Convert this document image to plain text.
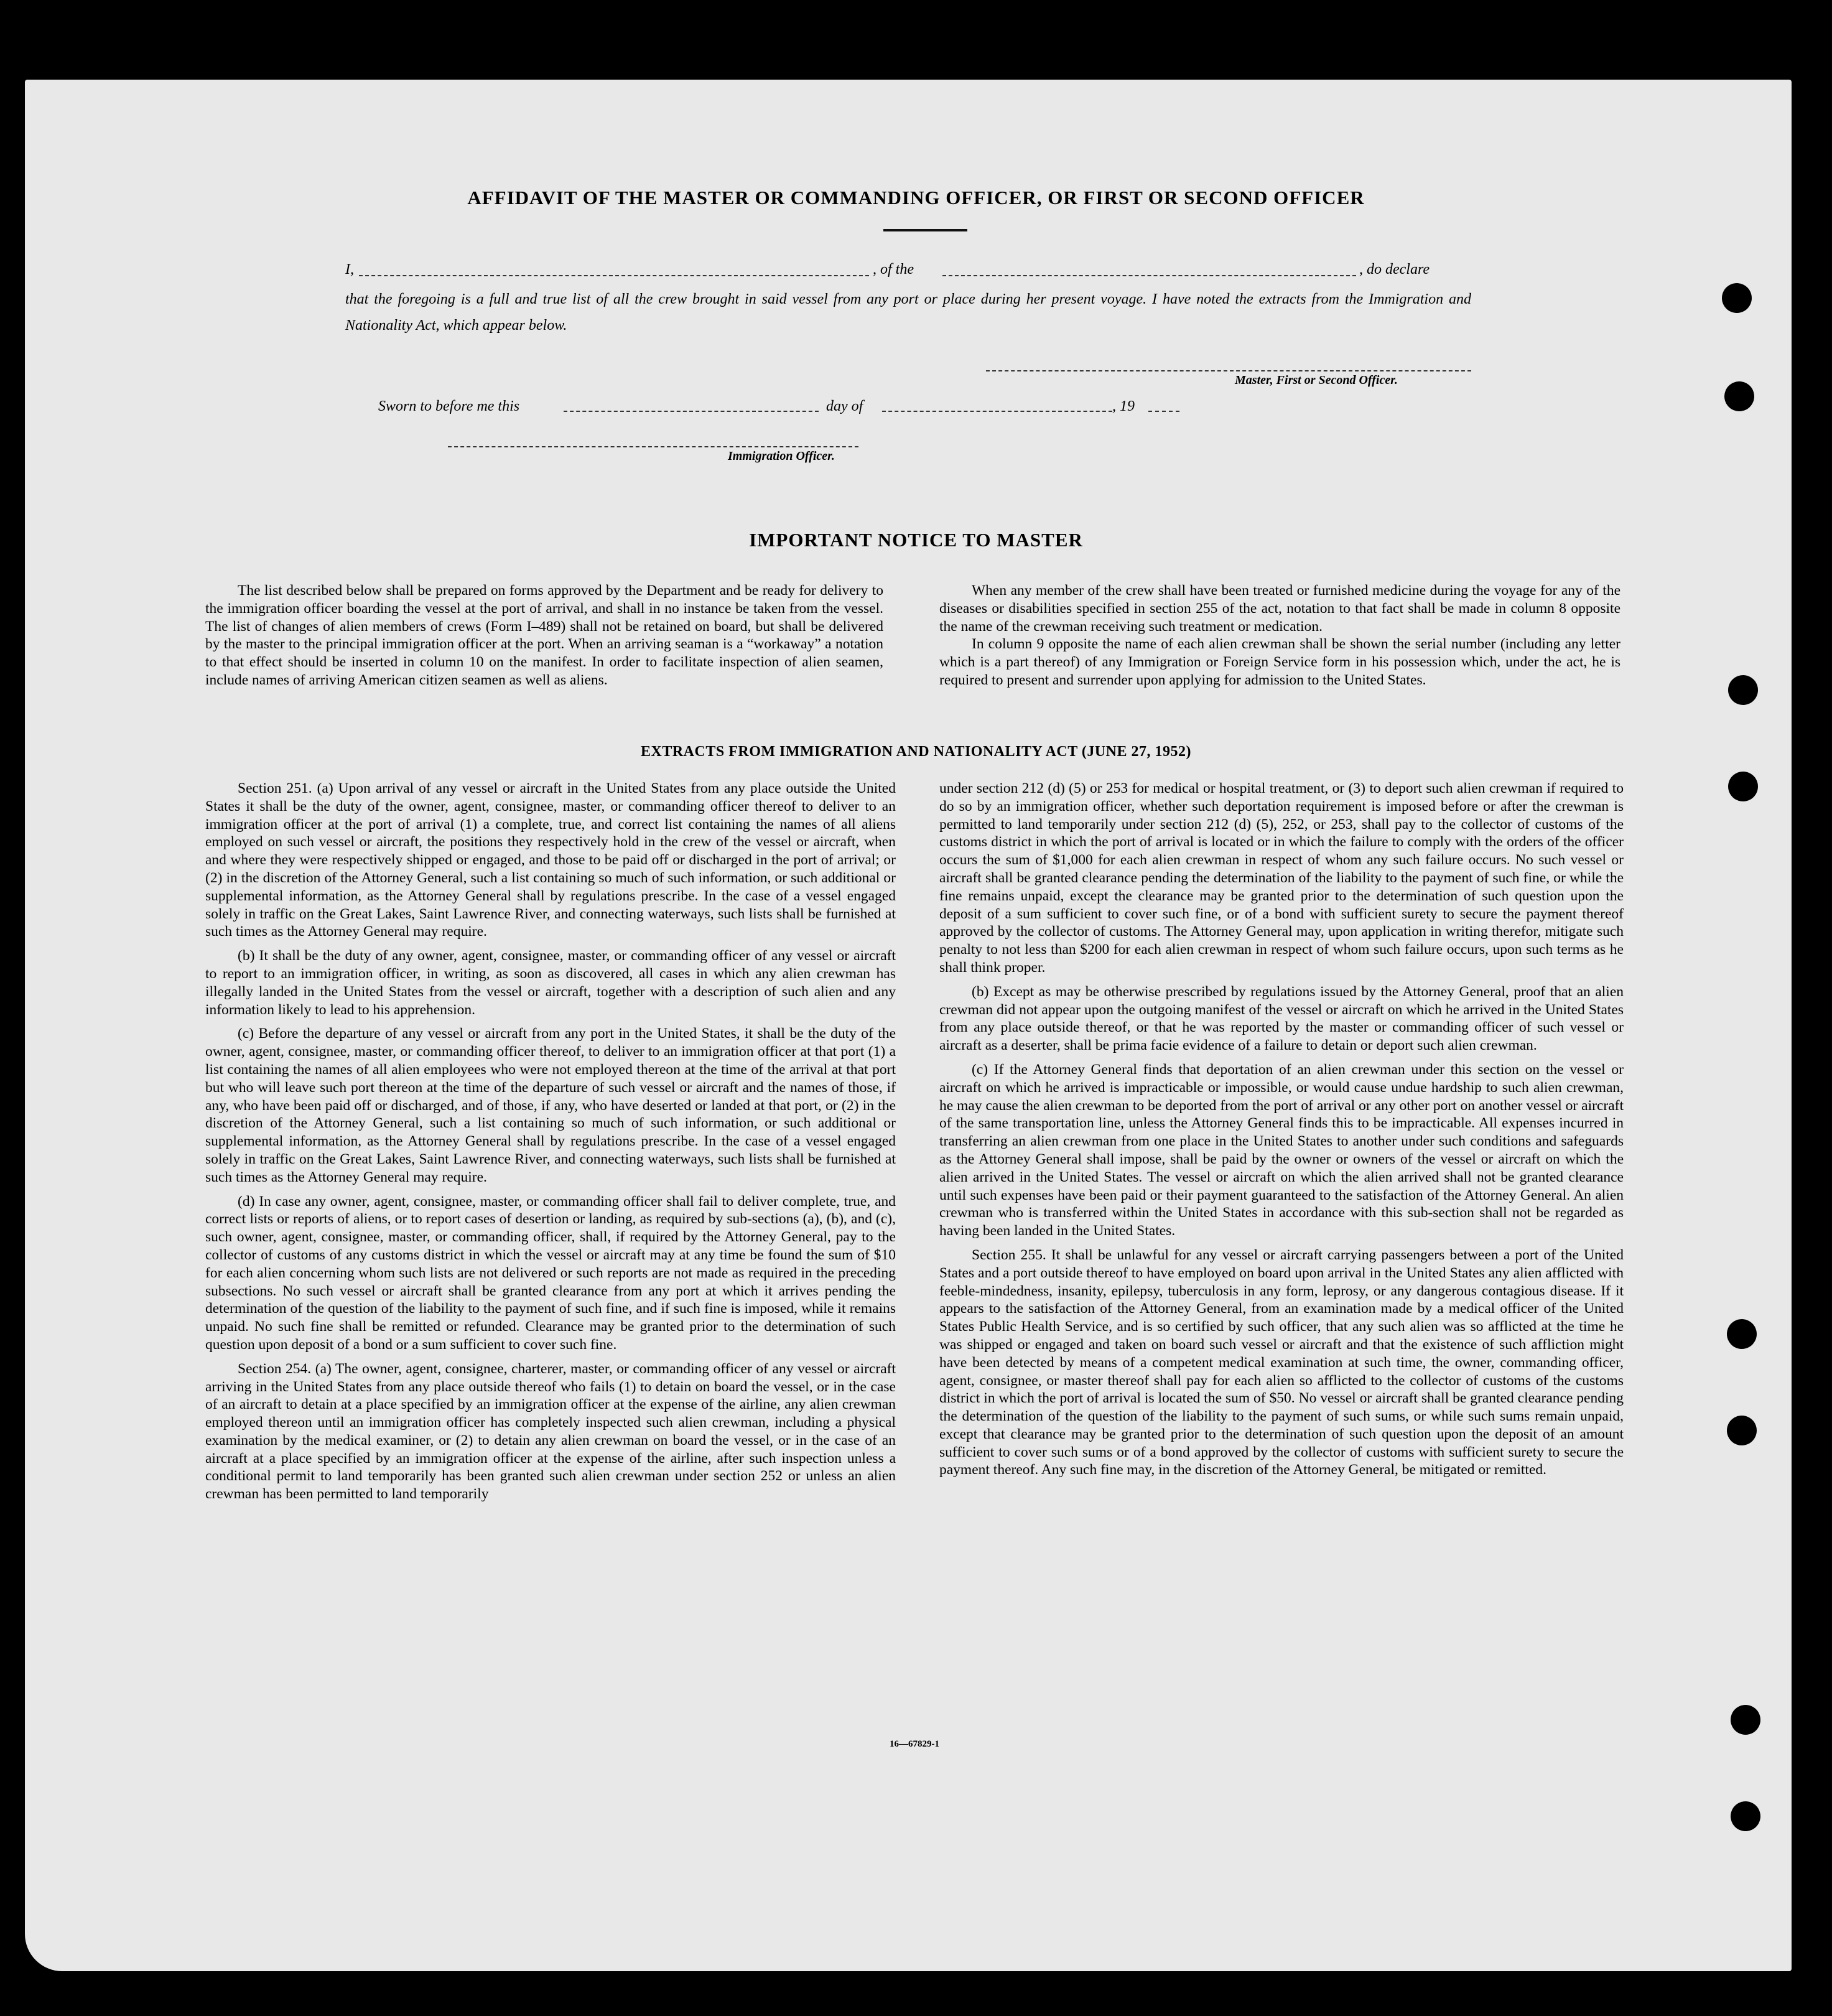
AFFIDAVIT OF THE MASTER OR COMMANDING OFFICER, OR FIRST OR SECOND OFFICER
I,	, of the	, do declare
that the foregoing is a full and true list of all the crew brought in said vessel from any port or place during her present voyage. I have noted the extracts from the Immigration and Nationality Act, which appear below.
Master, First or Second Officer.
Sworn to before me this	day of	, 19
Immigration Officer.
IMPORTANT NOTICE TO MASTER

The list described below shall be prepared on forms approved by the Department and be ready for delivery to the immigration officer boarding the vessel at the port of arrival, and shall in no instance be taken from the vessel. The list of changes of alien members of crews (Form I–489) shall not be retained on board, but shall be delivered by the master to the principal immigration officer at the port. When an arriving seaman is a “workaway” a notation to that effect should be inserted in column 10 on the manifest. In order to facilitate inspection of alien seamen, include names of arriving American citizen seamen as well as aliens.

When any member of the crew shall have been treated or furnished medicine during the voyage for any of the diseases or disabilities specified in section 255 of the act, notation to that fact shall be made in column 8 opposite the name of the crewman receiving such treatment or medication.

In column 9 opposite the name of each alien crewman shall be shown the serial number (including any letter which is a part thereof) of any Immigration or Foreign Service form in his possession which, under the act, he is required to present and surrender upon applying for admission to the United States.

EXTRACTS FROM IMMIGRATION AND NATIONALITY ACT (JUNE 27, 1952)

Section 251. (a) Upon arrival of any vessel or aircraft in the United States from any place outside the United States it shall be the duty of the owner, agent, consignee, master, or commanding officer thereof to deliver to an immigration officer at the port of arrival (1) a complete, true, and correct list containing the names of all aliens employed on such vessel or aircraft, the positions they respectively hold in the crew of the vessel or aircraft, when and where they were respectively shipped or engaged, and those to be paid off or discharged in the port of arrival; or (2) in the discretion of the Attorney General, such a list containing so much of such information, or such additional or supplemental information, as the Attorney General shall by regulations prescribe. In the case of a vessel engaged solely in traffic on the Great Lakes, Saint Lawrence River, and connecting waterways, such lists shall be furnished at such times as the Attorney General may require.

(b) It shall be the duty of any owner, agent, consignee, master, or commanding officer of any vessel or aircraft to report to an immigration officer, in writing, as soon as discovered, all cases in which any alien crewman has illegally landed in the United States from the vessel or aircraft, together with a description of such alien and any information likely to lead to his apprehension.

(c) Before the departure of any vessel or aircraft from any port in the United States, it shall be the duty of the owner, agent, consignee, master, or commanding officer thereof, to deliver to an immigration officer at that port (1) a list containing the names of all alien employees who were not employed thereon at the time of the arrival at that port but who will leave such port thereon at the time of the departure of such vessel or aircraft and the names of those, if any, who have been paid off or discharged, and of those, if any, who have deserted or landed at that port, or (2) in the discretion of the Attorney General, such a list containing so much of such information, or such additional or supplemental information, as the Attorney General shall by regulations prescribe. In the case of a vessel engaged solely in traffic on the Great Lakes, Saint Lawrence River, and connecting waterways, such lists shall be furnished at such times as the Attorney General may require.

(d) In case any owner, agent, consignee, master, or commanding officer shall fail to deliver complete, true, and correct lists or reports of aliens, or to report cases of desertion or landing, as required by sub-sections (a), (b), and (c), such owner, agent, consignee, master, or commanding officer, shall, if required by the Attorney General, pay to the collector of customs of any customs district in which the vessel or aircraft may at any time be found the sum of $10 for each alien concerning whom such lists are not delivered or such reports are not made as required in the preceding subsections. No such vessel or aircraft shall be granted clearance from any port at which it arrives pending the determination of the question of the liability to the payment of such fine, and if such fine is imposed, while it remains unpaid. No such fine shall be remitted or refunded. Clearance may be granted prior to the determination of such question upon deposit of a bond or a sum sufficient to cover such fine.

Section 254. (a) The owner, agent, consignee, charterer, master, or commanding officer of any vessel or aircraft arriving in the United States from any place outside thereof who fails (1) to detain on board the vessel, or in the case of an aircraft to detain at a place specified by an immigration officer at the expense of the airline, any alien crewman employed thereon until an immigration officer has completely inspected such alien crewman, including a physical examination by the medical examiner, or (2) to detain any alien crewman on board the vessel, or in the case of an aircraft at a place specified by an immigration officer at the expense of the airline, after such inspection unless a conditional permit to land temporarily has been granted such alien crewman under section 252 or unless an alien crewman has been permitted to land temporarily

under section 212 (d) (5) or 253 for medical or hospital treatment, or (3) to deport such alien crewman if required to do so by an immigration officer, whether such deportation requirement is imposed before or after the crewman is permitted to land temporarily under section 212 (d) (5), 252, or 253, shall pay to the collector of customs of the customs district in which the port of arrival is located or in which the failure to comply with the orders of the officer occurs the sum of $1,000 for each alien crewman in respect of whom any such failure occurs. No such vessel or aircraft shall be granted clearance pending the determination of the liability to the payment of such fine, or while the fine remains unpaid, except the clearance may be granted prior to the determination of such question upon the deposit of a sum sufficient to cover such fine, or of a bond with sufficient surety to secure the payment thereof approved by the collector of customs. The Attorney General may, upon application in writing therefor, mitigate such penalty to not less than $200 for each alien crewman in respect of whom such failure occurs, upon such terms as he shall think proper.

(b) Except as may be otherwise prescribed by regulations issued by the Attorney General, proof that an alien crewman did not appear upon the outgoing manifest of the vessel or aircraft on which he arrived in the United States from any place outside thereof, or that he was reported by the master or commanding officer of such vessel or aircraft as a deserter, shall be prima facie evidence of a failure to detain or deport such alien crewman.

(c) If the Attorney General finds that deportation of an alien crewman under this section on the vessel or aircraft on which he arrived is impracticable or impossible, or would cause undue hardship to such alien crewman, he may cause the alien crewman to be deported from the port of arrival or any other port on another vessel or aircraft of the same transportation line, unless the Attorney General finds this to be impracticable. All expenses incurred in transferring an alien crewman from one place in the United States to another under such conditions and safeguards as the Attorney General shall impose, shall be paid by the owner or owners of the vessel or aircraft on which the alien arrived in the United States. The vessel or aircraft on which the alien arrived shall not be granted clearance until such expenses have been paid or their payment guaranteed to the satisfaction of the Attorney General. An alien crewman who is transferred within the United States in accordance with this sub-section shall not be regarded as having been landed in the United States.

Section 255. It shall be unlawful for any vessel or aircraft carrying passengers between a port of the United States and a port outside thereof to have employed on board upon arrival in the United States any alien afflicted with feeble-mindedness, insanity, epilepsy, tuberculosis in any form, leprosy, or any dangerous contagious disease. If it appears to the satisfaction of the Attorney General, from an examination made by a medical officer of the United States Public Health Service, and is so certified by such officer, that any such alien was so afflicted at the time he was shipped or engaged and taken on board such vessel or aircraft and that the existence of such affliction might have been detected by means of a competent medical examination at such time, the owner, commanding officer, agent, consignee, or master thereof shall pay for each alien so afflicted to the collector of customs of the customs district in which the port of arrival is located the sum of $50. No vessel or aircraft shall be granted clearance pending the determination of the question of the liability to the payment of such sums, or while such sums remain unpaid, except that clearance may be granted prior to the determination of such question upon the deposit of an amount sufficient to cover such sums or of a bond approved by the collector of customs with sufficient surety to secure the payment thereof. Any such fine may, in the discretion of the Attorney General, be mitigated or remitted.

16—67829-1
